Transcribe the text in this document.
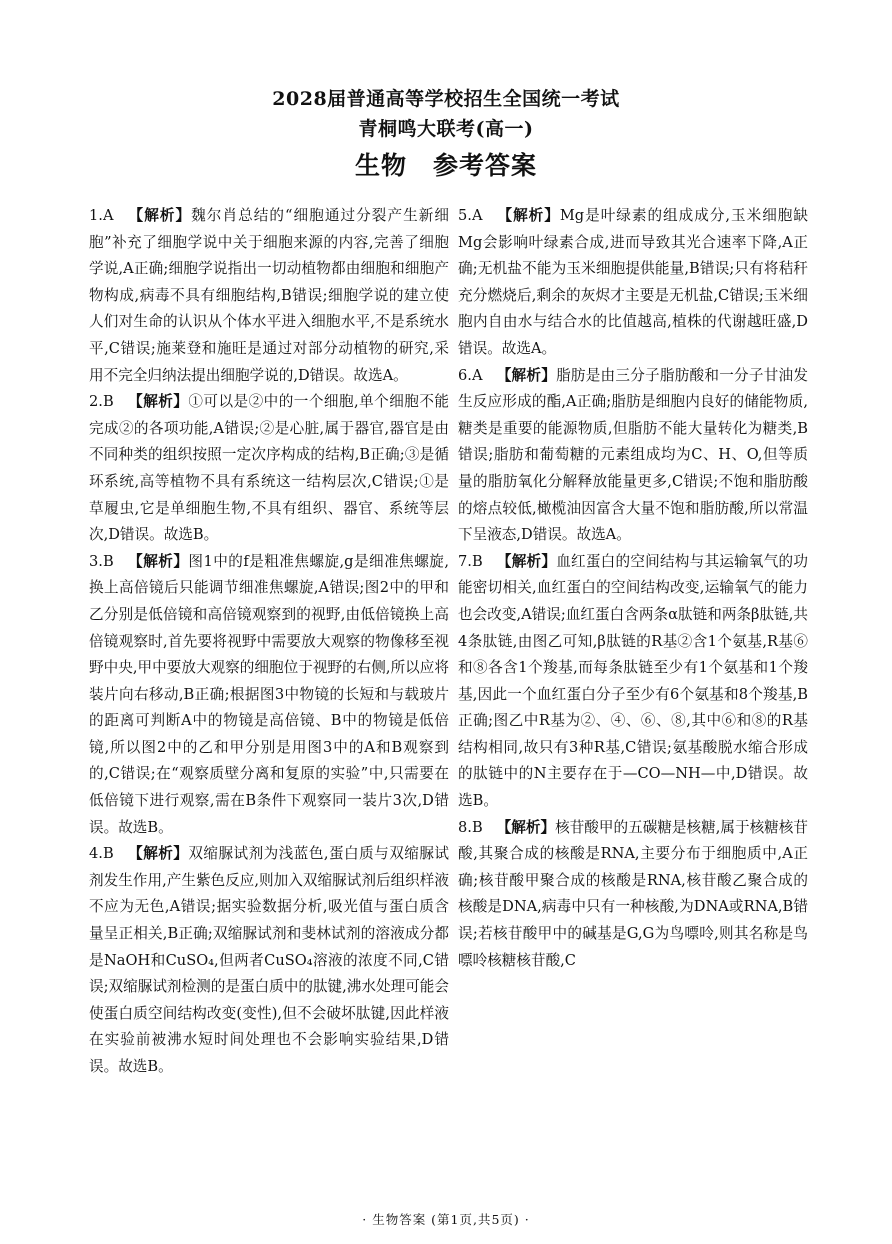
2028届普通高等学校招生全国统一考试
青桐鸣大联考(高一)
生物 参考答案

1.A 【解析】魏尔肖总结的“细胞通过分裂产生新细胞”补充了细胞学说中关于细胞来源的内容,完善了细胞学说,A正确;细胞学说指出一切动植物都由细胞和细胞产物构成,病毒不具有细胞结构,B错误;细胞学说的建立使人们对生命的认识从个体水平进入细胞水平,不是系统水平,C错误;施莱登和施旺是通过对部分动植物的研究,采用不完全归纳法提出细胞学说的,D错误。故选A。

2.B 【解析】①可以是②中的一个细胞,单个细胞不能完成②的各项功能,A错误;②是心脏,属于器官,器官是由不同种类的组织按照一定次序构成的结构,B正确;③是循环系统,高等植物不具有系统这一结构层次,C错误;①是草履虫,它是单细胞生物,不具有组织、器官、系统等层次,D错误。故选B。

3.B 【解析】图1中的f是粗准焦螺旋,g是细准焦螺旋,换上高倍镜后只能调节细准焦螺旋,A错误;图2中的甲和乙分别是低倍镜和高倍镜观察到的视野,由低倍镜换上高倍镜观察时,首先要将视野中需要放大观察的物像移至视野中央,甲中要放大观察的细胞位于视野的右侧,所以应将装片向右移动,B正确;根据图3中物镜的长短和与载玻片的距离可判断A中的物镜是高倍镜、B中的物镜是低倍镜,所以图2中的乙和甲分别是用图3中的A和B观察到的,C错误;在“观察质壁分离和复原的实验”中,只需要在低倍镜下进行观察,需在B条件下观察同一装片3次,D错误。故选B。

4.B 【解析】双缩脲试剂为浅蓝色,蛋白质与双缩脲试剂发生作用,产生紫色反应,则加入双缩脲试剂后组织样液不应为无色,A错误;据实验数据分析,吸光值与蛋白质含量呈正相关,B正确;双缩脲试剂和斐林试剂的溶液成分都是NaOH和CuSO₄,但两者CuSO₄溶液的浓度不同,C错误;双缩脲试剂检测的是蛋白质中的肽键,沸水处理可能会使蛋白质空间结构改变(变性),但不会破坏肽键,因此样液在实验前被沸水短时间处理也不会影响实验结果,D错误。故选B。

5.A 【解析】Mg是叶绿素的组成成分,玉米细胞缺Mg会影响叶绿素合成,进而导致其光合速率下降,A正确;无机盐不能为玉米细胞提供能量,B错误;只有将秸秆充分燃烧后,剩余的灰烬才主要是无机盐,C错误;玉米细胞内自由水与结合水的比值越高,植株的代谢越旺盛,D错误。故选A。

6.A 【解析】脂肪是由三分子脂肪酸和一分子甘油发生反应形成的酯,A正确;脂肪是细胞内良好的储能物质,糖类是重要的能源物质,但脂肪不能大量转化为糖类,B错误;脂肪和葡萄糖的元素组成均为C、H、O,但等质量的脂肪氧化分解释放能量更多,C错误;不饱和脂肪酸的熔点较低,橄榄油因富含大量不饱和脂肪酸,所以常温下呈液态,D错误。故选A。

7.B 【解析】血红蛋白的空间结构与其运输氧气的功能密切相关,血红蛋白的空间结构改变,运输氧气的能力也会改变,A错误;血红蛋白含两条α肽链和两条β肽链,共4条肽链,由图乙可知,β肽链的R基②含1个氨基,R基⑥和⑧各含1个羧基,而每条肽链至少有1个氨基和1个羧基,因此一个血红蛋白分子至少有6个氨基和8个羧基,B正确;图乙中R基为②、④、⑥、⑧,其中⑥和⑧的R基结构相同,故只有3种R基,C错误;氨基酸脱水缩合形成的肽链中的N主要存在于—CO—NH—中,D错误。故选B。

8.B 【解析】核苷酸甲的五碳糖是核糖,属于核糖核苷酸,其聚合成的核酸是RNA,主要分布于细胞质中,A正确;核苷酸甲聚合成的核酸是RNA,核苷酸乙聚合成的核酸是DNA,病毒中只有一种核酸,为DNA或RNA,B错误;若核苷酸甲中的碱基是G,G为鸟嘌呤,则其名称是鸟嘌呤核糖核苷酸,C

· 生物答案 (第1页,共5页) ·
